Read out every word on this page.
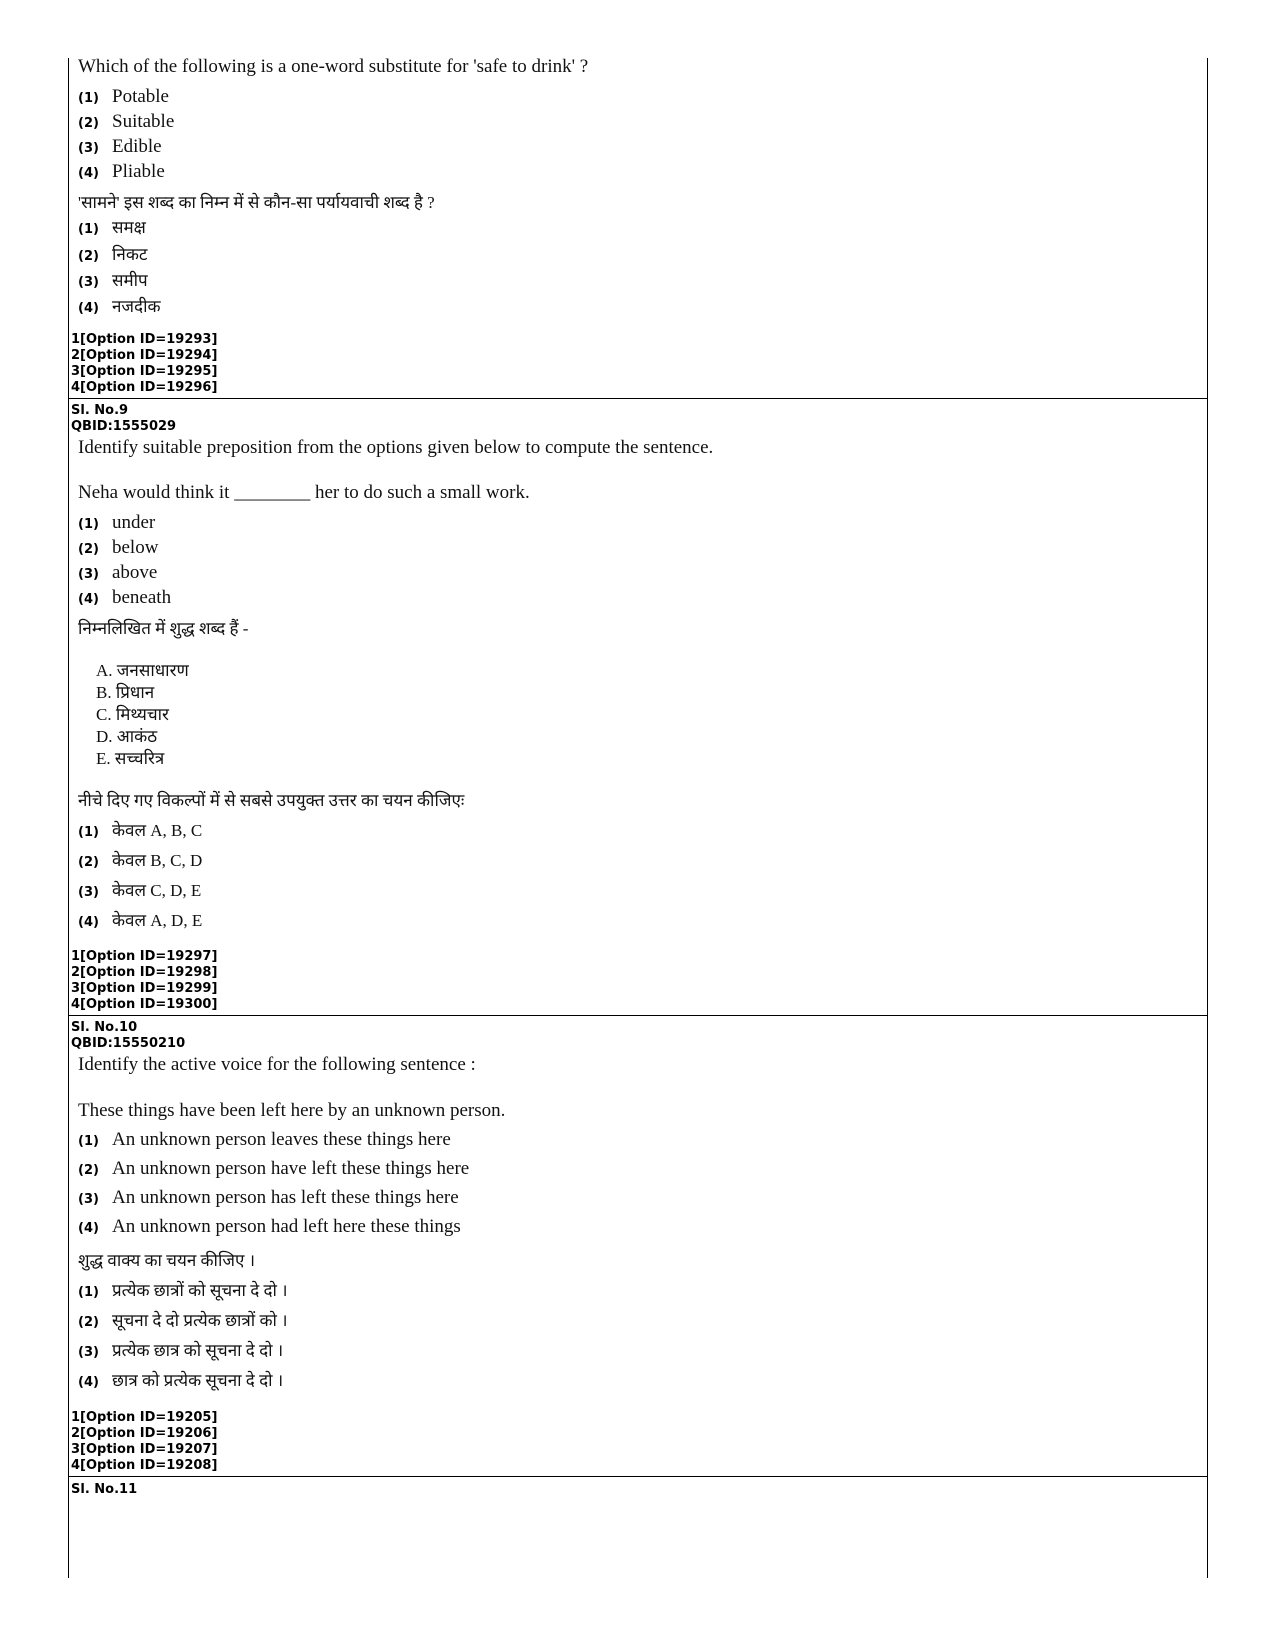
Which of the following is a one-word substitute for 'safe to drink' ?
(1) Potable
(2) Suitable
(3) Edible
(4) Pliable
'सामने' इस शब्द का निम्न में से कौन-सा पर्यायवाची शब्द है ?
(1) समक्ष
(2) निकट
(3) समीप
(4) नजदीक
1[Option ID=19293]
2[Option ID=19294]
3[Option ID=19295]
4[Option ID=19296]
Sl. No.9
QBID:1555029
Identify suitable preposition from the options given below to compute the sentence.
Neha would think it ________ her to do such a small work.
(1) under
(2) below
(3) above
(4) beneath
निम्नलिखित में शुद्ध शब्द हैं -
A. जनसाधारण
B. प्रिधान
C. मिथ्यचार
D. आकंठ
E. सच्चरित्र
नीचे दिए गए विकल्पों में से सबसे उपयुक्त उत्तर का चयन कीजिएः
(1) केवल A, B, C
(2) केवल B, C, D
(3) केवल C, D, E
(4) केवल A, D, E
1[Option ID=19297]
2[Option ID=19298]
3[Option ID=19299]
4[Option ID=19300]
Sl. No.10
QBID:15550210
Identify the active voice for the following sentence :
These things have been left here by an unknown person.
(1) An unknown person leaves these things here
(2) An unknown person have left these things here
(3) An unknown person has left these things here
(4) An unknown person had left here these things
शुद्ध वाक्य का चयन कीजिए ।
(1) प्रत्येक छात्रों को सूचना दे दो ।
(2) सूचना दे दो प्रत्येक छात्रों को ।
(3) प्रत्येक छात्र को सूचना दे दो ।
(4) छात्र को प्रत्येक सूचना दे दो ।
1[Option ID=19205]
2[Option ID=19206]
3[Option ID=19207]
4[Option ID=19208]
Sl. No.11
